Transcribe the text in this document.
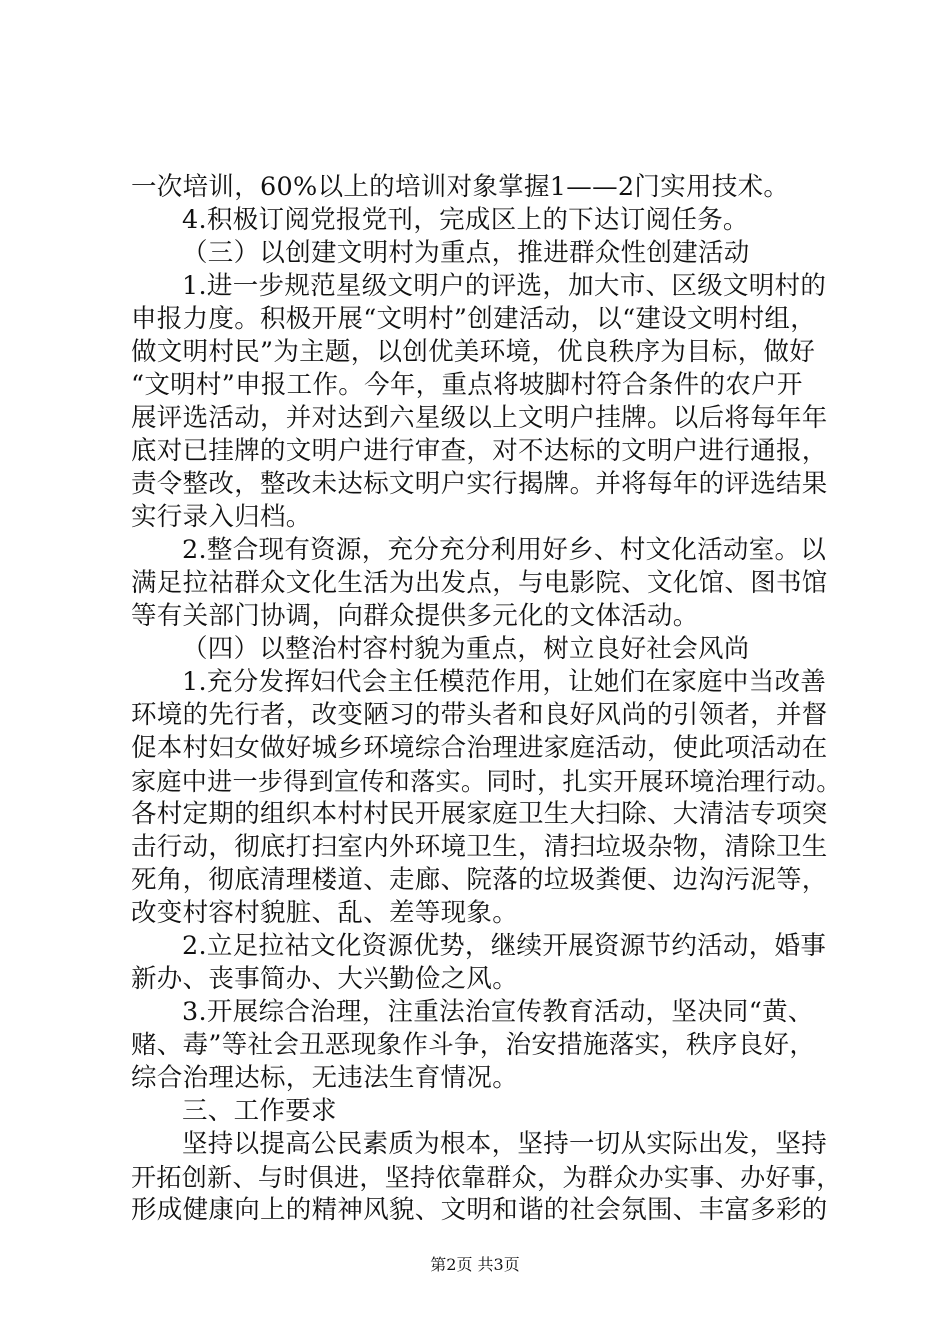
一次培训，60%以上的培训对象掌握1——2门实用技术。
4.积极订阅党报党刊，完成区上的下达订阅任务。
（三）以创建文明村为重点，推进群众性创建活动
1.进一步规范星级文明户的评选，加大市、区级文明村的
申报力度。积极开展“文明村”创建活动，以“建设文明村组，
做文明村民”为主题，以创优美环境，优良秩序为目标，做好
“文明村”申报工作。今年，重点将坡脚村符合条件的农户开
展评选活动，并对达到六星级以上文明户挂牌。以后将每年年
底对已挂牌的文明户进行审查，对不达标的文明户进行通报，
责令整改，整改未达标文明户实行揭牌。并将每年的评选结果
实行录入归档。
2.整合现有资源，充分充分利用好乡、村文化活动室。以
满足拉祜群众文化生活为出发点，与电影院、文化馆、图书馆
等有关部门协调，向群众提供多元化的文体活动。
（四）以整治村容村貌为重点，树立良好社会风尚
1.充分发挥妇代会主任模范作用，让她们在家庭中当改善
环境的先行者，改变陋习的带头者和良好风尚的引领者，并督
促本村妇女做好城乡环境综合治理进家庭活动，使此项活动在
家庭中进一步得到宣传和落实。同时，扎实开展环境治理行动。
各村定期的组织本村村民开展家庭卫生大扫除、大清洁专项突
击行动，彻底打扫室内外环境卫生，清扫垃圾杂物，清除卫生
死角，彻底清理楼道、走廊、院落的垃圾粪便、边沟污泥等，
改变村容村貌脏、乱、差等现象。
2.立足拉祜文化资源优势，继续开展资源节约活动，婚事
新办、丧事简办、大兴勤俭之风。
3.开展综合治理，注重法治宣传教育活动，坚决同“黄、
赌、毒”等社会丑恶现象作斗争，治安措施落实，秩序良好，
综合治理达标，无违法生育情况。
三、工作要求
坚持以提高公民素质为根本，坚持一切从实际出发，坚持
开拓创新、与时俱进，坚持依靠群众，为群众办实事、办好事，
形成健康向上的精神风貌、文明和谐的社会氛围、丰富多彩的
第2页 共3页
